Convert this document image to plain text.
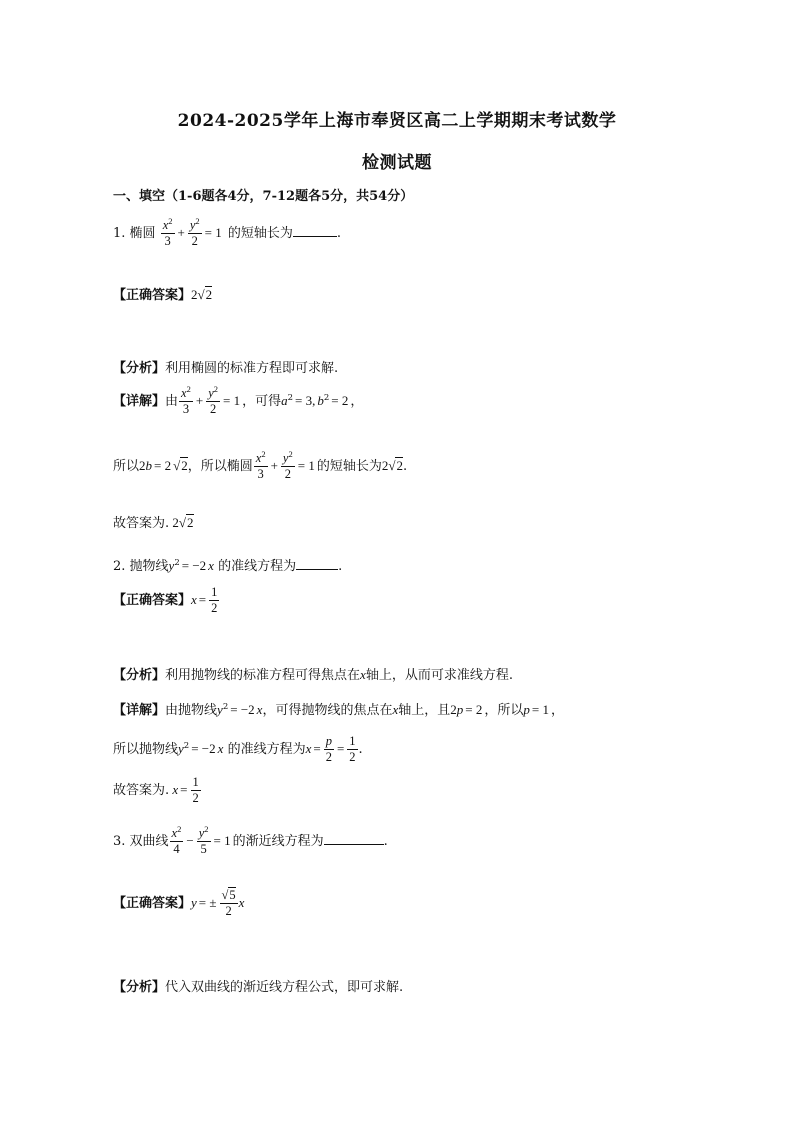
2024-2025学年上海市奉贤区高二上学期期末考试数学
检测试题
一、填空（1-6题各4分，7-12题各5分，共54分）
1. 椭圆 $\frac{x^2}{3} + \frac{y^2}{2} = 1$ 的短轴长为	.
【正确答案】2√2
【分析】利用椭圆的标准方程即可求解.
【详解】由 $\frac{x^2}{3} + \frac{y^2}{2} = 1$ ，可得$a^2 = 3$, $b^2 = 2$ ，
所以2b = 2 √2，所以椭圆 $\frac{x^2}{3} + \frac{y^2}{2} = 1$ 的短轴长为2√2.
故答案为. 2√2
2. 抛物线$y^2 = -2$ x 的准线方程为	.
【正确答案】$x = \frac{1}{2}$
【分析】利用抛物线的标准方程可得焦点在x轴上，从而可求准线方程.
【详解】由抛物线$y^2 = -2$ x，可得抛物线的焦点在x轴上，且2p = 2 ，所以p = 1 ，
所以抛物线$y^2 = -2$ x 的准线方程为$x = \frac{p}{2} = \frac{1}{2}$ .
故答案为. $x = \frac{1}{2}$
3. 双曲线 $\frac{x^2}{4} - \frac{y^2}{5} = 1$ 的渐近线方程为	.
【正确答案】y = ± $\frac{√5}{2}$ x
【分析】代入双曲线的渐近线方程公式，即可求解.
